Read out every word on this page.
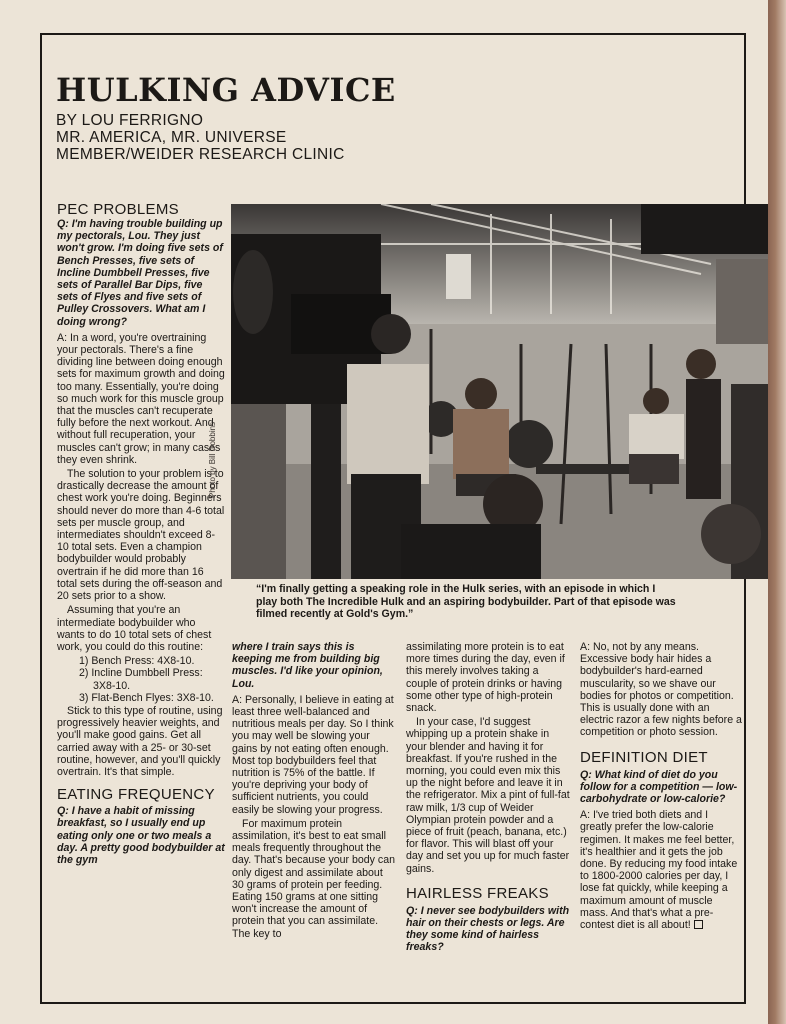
HULKING ADVICE
BY LOU FERRIGNO
MR. AMERICA, MR. UNIVERSE
MEMBER/WEIDER RESEARCH CLINIC
PEC PROBLEMS

Q: I'm having trouble building up my pectorals, Lou. They just won't grow. I'm doing five sets of Bench Presses, five sets of Incline Dumbbell Presses, five sets of Parallel Bar Dips, five sets of Flyes and five sets of Pulley Crossovers. What am I doing wrong?

A: In a word, you're overtraining your pectorals. There's a fine dividing line between doing enough sets for maximum growth and doing too many. Essentially, you're doing so much work for this muscle group that the muscles can't recuperate fully before the next workout. And without full recuperation, your muscles can't grow; in many cases they even shrink.

The solution to your problem is to drastically decrease the amount of chest work you're doing. Beginners should never do more than 4-6 total sets per muscle group, and intermediates shouldn't exceed 8-10 total sets. Even a champion bodybuilder would probably overtrain if he did more than 16 total sets during the off-season and 20 sets prior to a show.

Assuming that you're an intermediate bodybuilder who wants to do 10 total sets of chest work, you could do this routine:

1) Bench Press: 4X8-10.
2) Incline Dumbbell Press: 3X8-10.
3) Flat-Bench Flyes: 3X8-10.

Stick to this type of routine, using progressively heavier weights, and you'll make good gains. Get all carried away with a 25- or 30-set routine, however, and you'll quickly overtrain. It's that simple.

EATING FREQUENCY

Q: I have a habit of missing breakfast, so I usually end up eating only one or two meals a day. A pretty good bodybuilder at the gym

Photo by Bill Dobbins
“I'm finally getting a speaking role in the Hulk series, with an episode in which I play both The Incredible Hulk and an aspiring bodybuilder. Part of that episode was filmed recently at Gold's Gym.”

where I train says this is keeping me from building big muscles. I'd like your opinion, Lou.

A: Personally, I believe in eating at least three well-balanced and nutritious meals per day. So I think you may well be slowing your gains by not eating often enough. Most top bodybuilders feel that nutrition is 75% of the battle. If you're depriving your body of sufficient nutrients, you could easily be slowing your progress.

For maximum protein assimilation, it's best to eat small meals frequently throughout the day. That's because your body can only digest and assimilate about 30 grams of protein per feeding. Eating 150 grams at one sitting won't increase the amount of protein that you can assimilate. The key to

assimilating more protein is to eat more times during the day, even if this merely involves taking a couple of protein drinks or having some other type of high-protein snack.

In your case, I'd suggest whipping up a protein shake in your blender and having it for breakfast. If you're rushed in the morning, you could even mix this up the night before and leave it in the refrigerator. Mix a pint of full-fat raw milk, 1/3 cup of Weider Olympian protein powder and a piece of fruit (peach, banana, etc.) for flavor. This will blast off your day and set you up for much faster gains.

HAIRLESS FREAKS

Q: I never see bodybuilders with hair on their chests or legs. Are they some kind of hairless freaks?

A: No, not by any means. Excessive body hair hides a bodybuilder's hard-earned muscularity, so we shave our bodies for photos or competition. This is usually done with an electric razor a few nights before a competition or photo session.

DEFINITION DIET

Q: What kind of diet do you follow for a competition — low-carbohydrate or low-calorie?

A: I've tried both diets and I greatly prefer the low-calorie regimen. It makes me feel better, it's healthier and it gets the job done. By reducing my food intake to 1800-2000 calories per day, I lose fat quickly, while keeping a maximum amount of muscle mass. And that's what a pre-contest diet is all about!
